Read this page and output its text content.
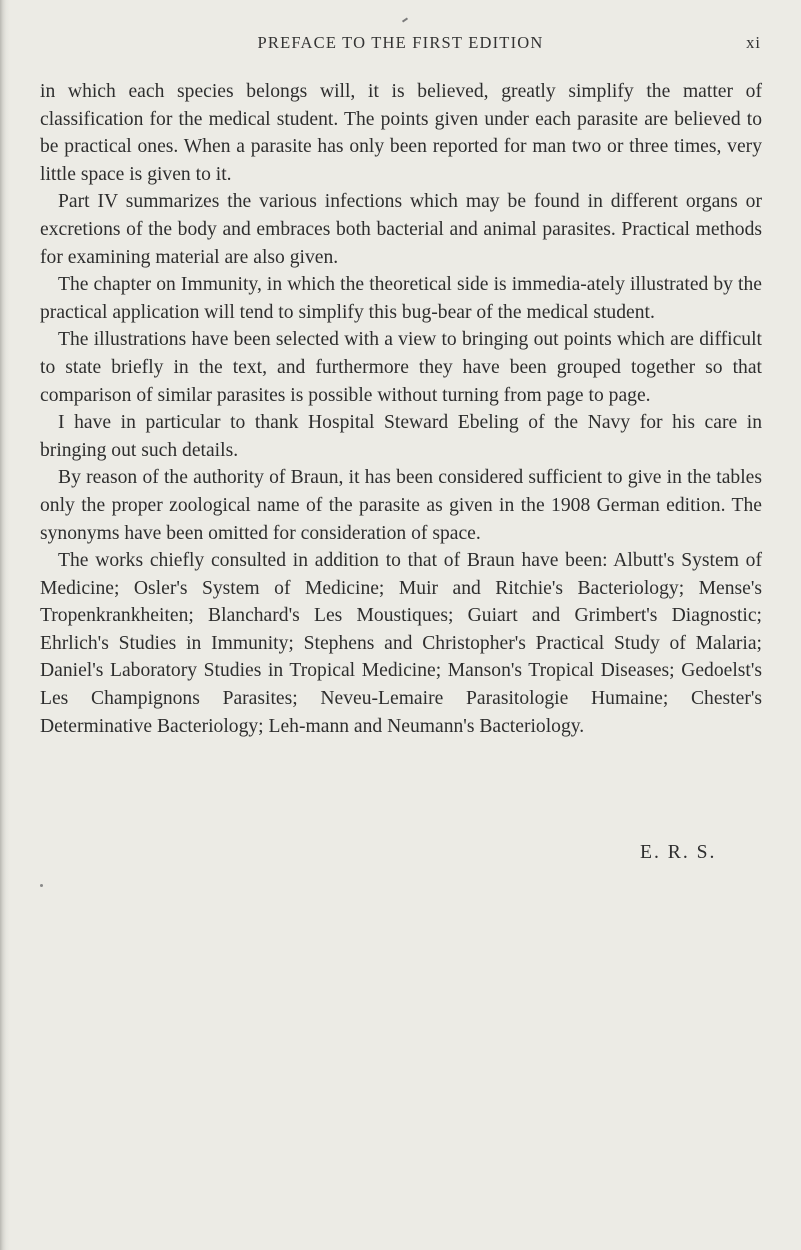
PREFACE TO THE FIRST EDITION	xi

in which each species belongs will, it is believed, greatly simplify the matter of classification for the medical student. The points given under each parasite are believed to be practical ones. When a parasite has only been reported for man two or three times, very little space is given to it.

Part IV summarizes the various infections which may be found in different organs or excretions of the body and embraces both bacterial and animal parasites. Practical methods for examining material are also given.

The chapter on Immunity, in which the theoretical side is immedia-ately illustrated by the practical application will tend to simplify this bug-bear of the medical student.

The illustrations have been selected with a view to bringing out points which are difficult to state briefly in the text, and furthermore they have been grouped together so that comparison of similar parasites is possible without turning from page to page.

I have in particular to thank Hospital Steward Ebeling of the Navy for his care in bringing out such details.

By reason of the authority of Braun, it has been considered sufficient to give in the tables only the proper zoological name of the parasite as given in the 1908 German edition. The synonyms have been omitted for consideration of space.

The works chiefly consulted in addition to that of Braun have been: Albutt's System of Medicine; Osler's System of Medicine; Muir and Ritchie's Bacteriology; Mense's Tropenkrankheiten; Blanchard's Les Moustiques; Guiart and Grimbert's Diagnostic; Ehrlich's Studies in Immunity; Stephens and Christopher's Practical Study of Malaria; Daniel's Laboratory Studies in Tropical Medicine; Manson's Tropical Diseases; Gedoelst's Les Champignons Parasites; Neveu-Lemaire Parasitologie Humaine; Chester's Determinative Bacteriology; Leh-mann and Neumann's Bacteriology.

E. R. S.
